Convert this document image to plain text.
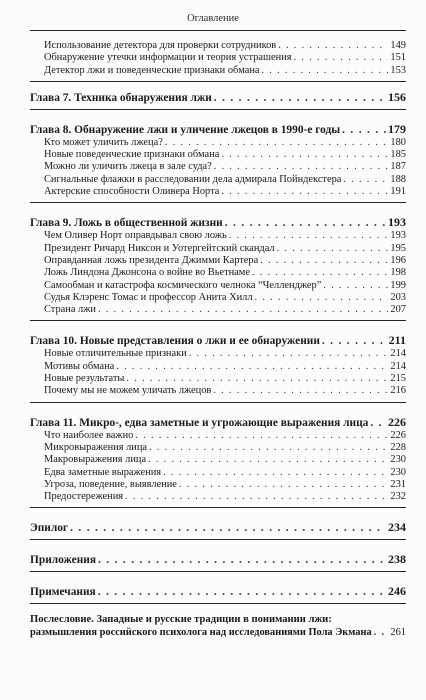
Оглавление
Использование детектора для проверки сотрудников . . .	149
Обнаружение утечки информации и теория устрашения . . .	151
Детектор лжи и поведенческие признаки обмана . . .	153
Глава 7. Техника обнаружения лжи . . .	156
Глава 8. Обнаружение лжи и уличение лжецов в 1990-е годы . . .	179
Кто может уличить лжеца? . . .	180
Новые поведенческие признаки обмана . . .	185
Можно ли уличить лжеца в зале суда? . . .	187
Сигнальные флажки в расследовании дела адмирала Пойндекстера . . .	188
Актерские способности Оливера Норта . . .	191
Глава 9. Ложь в общественной жизни . . .	193
Чем Оливер Норт оправдывал свою ложь . . .	193
Президент Ричард Никсон и Уотергейтский скандал . . .	195
Оправданная ложь президента Джимми Картера . . .	196
Ложь Линдона Джонсона о войне во Вьетнаме . . .	198
Самообман и катастрофа космического челнока “Челленджер” . . .	199
Судья Клэренс Томас и профессор Анита Хилл . . .	203
Страна лжи . . .	207
Глава 10. Новые представления о лжи и ее обнаружении . . .	211
Новые отличительные признаки . . .	214
Мотивы обмана . . .	214
Новые результаты . . .	215
Почему мы не можем уличать лжецов . . .	216
Глава 11. Микро-, едва заметные и угрожающие выражения лица . . . 226
Что наиболее важно . . .	226
Микровыражения лица . . .	228
Макровыражения лица . . .	230
Едва заметные выражения . . .	230
Угроза, поведение, выявление . . .	231
Предостережения . . .	232
Эпилог . . .	234
Приложения . . .	238
Примечания . . .	246
Послесловие. Западные и русские традиции в понимании лжи:
размышления российского психолога над исследованиями Пола Экмана . . . 261
